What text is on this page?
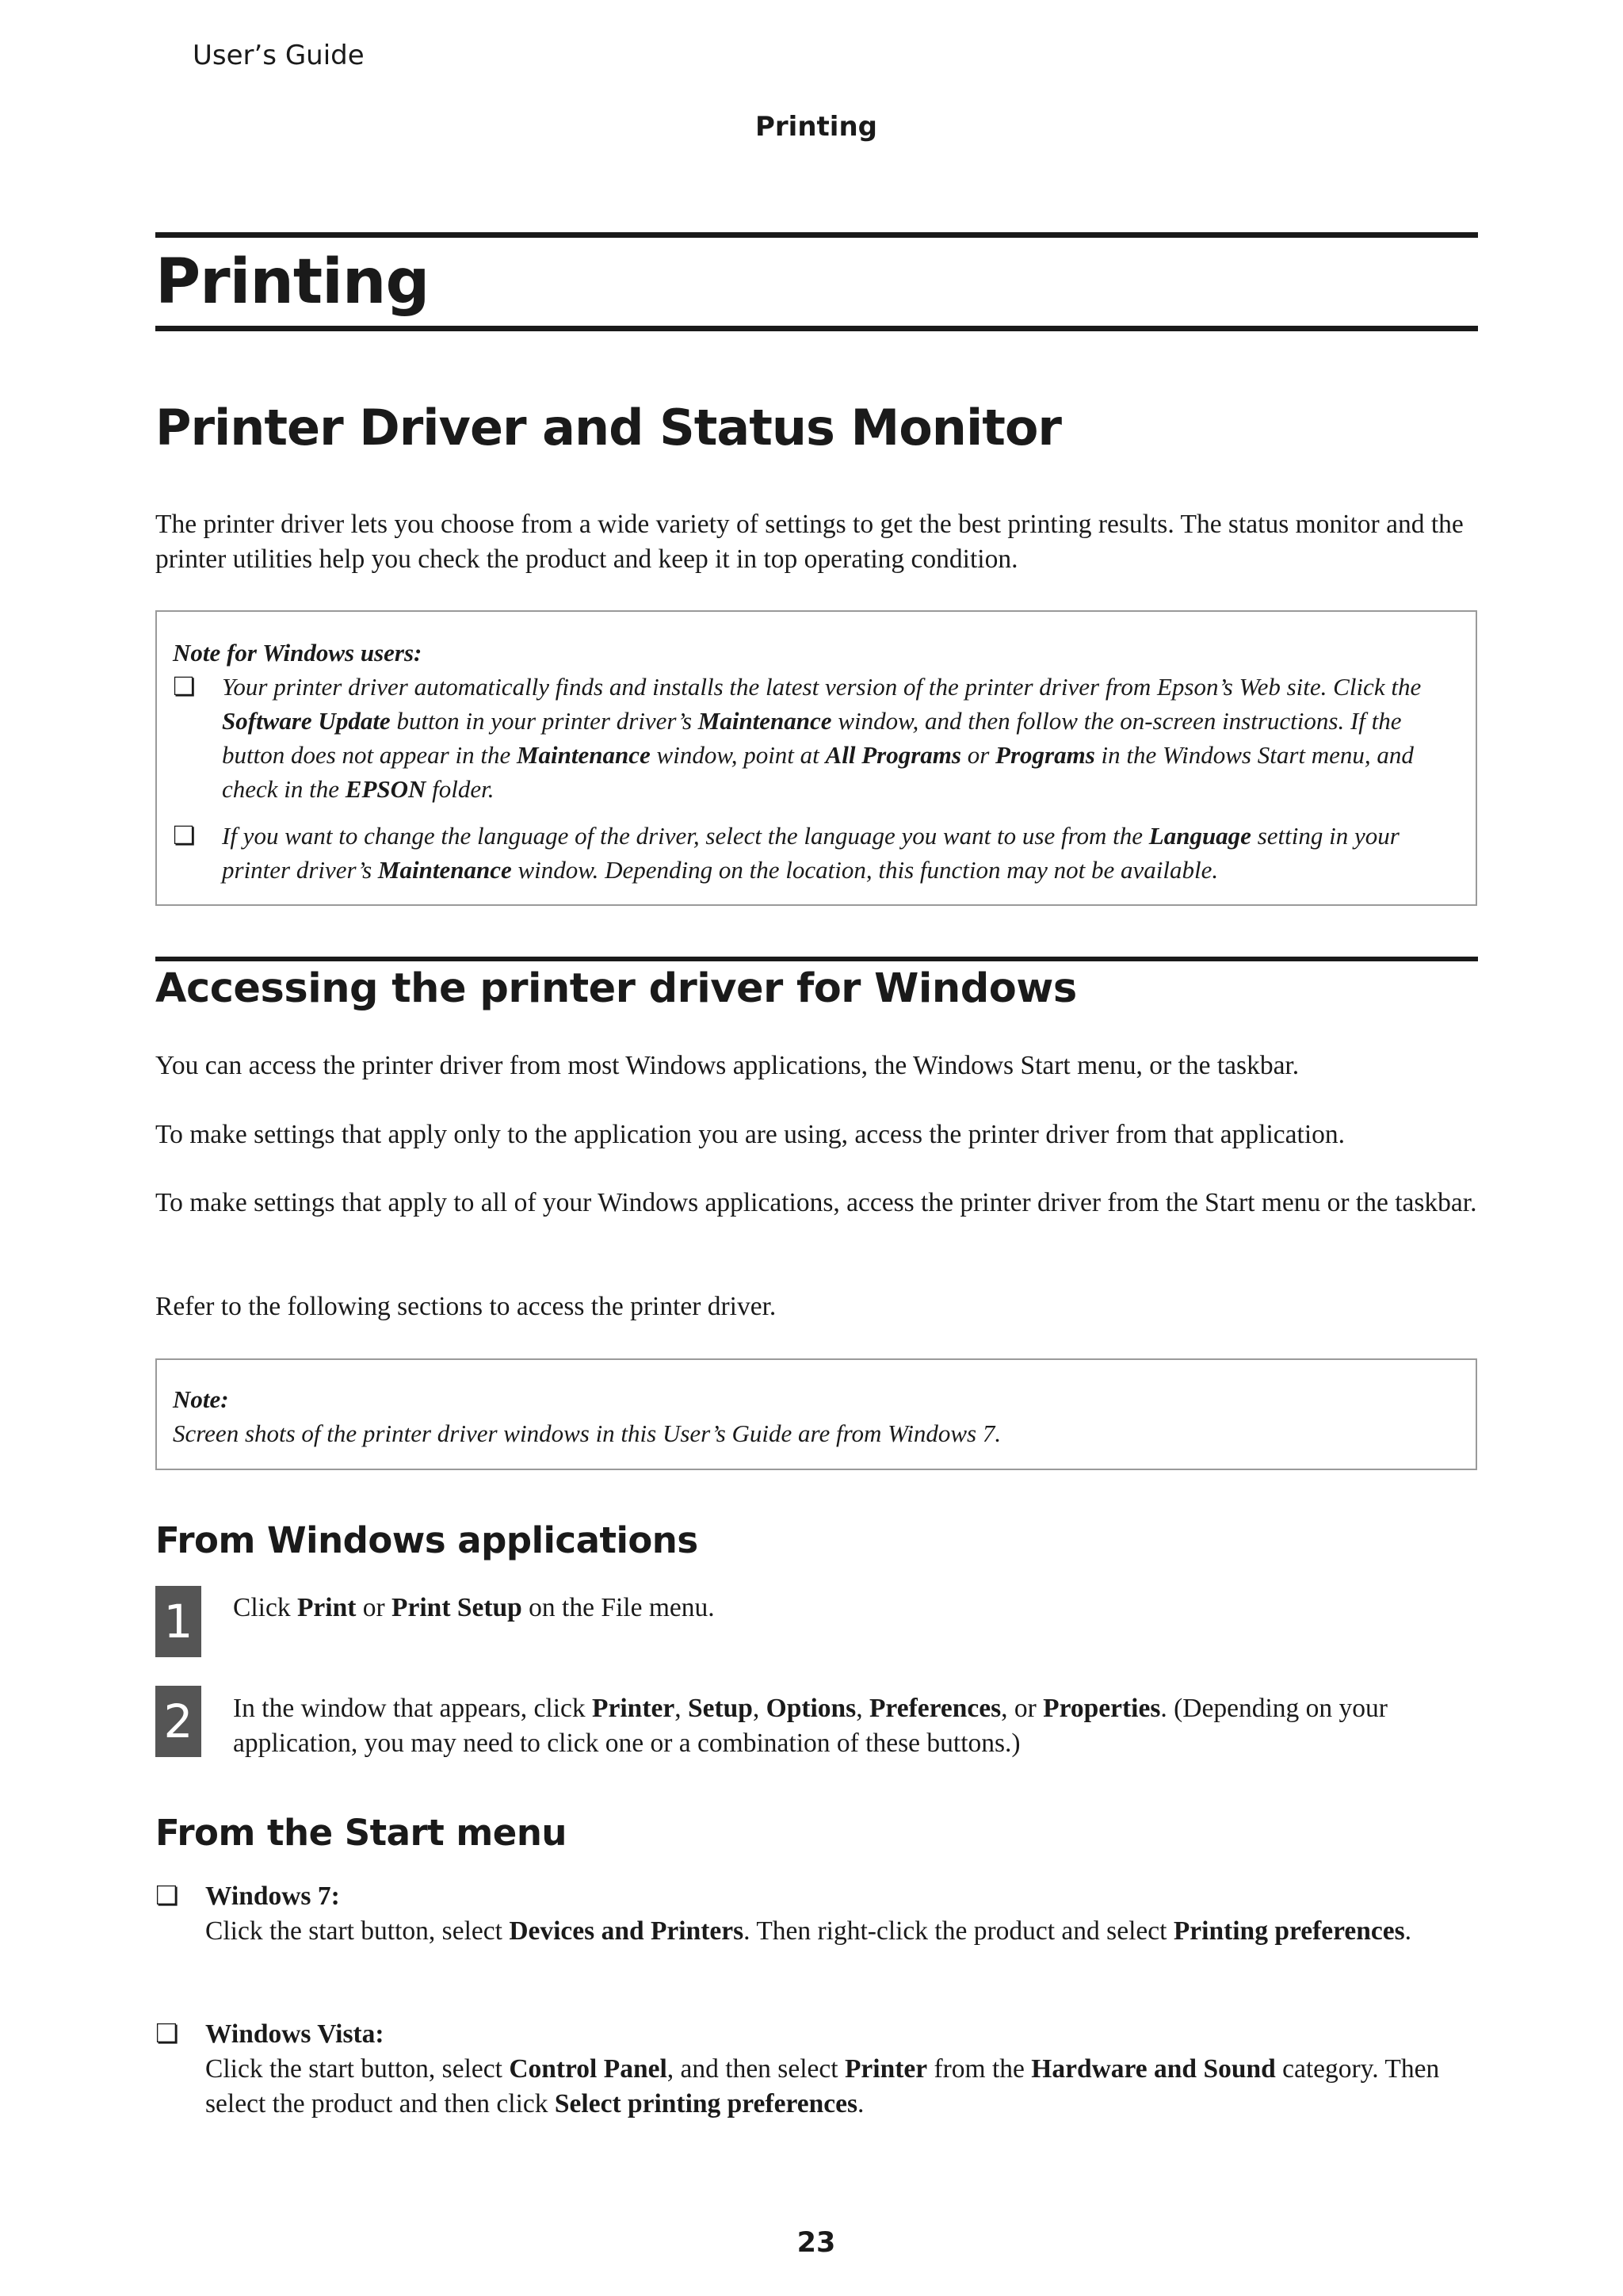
User’s Guide
Printing
Printing
Printer Driver and Status Monitor
The printer driver lets you choose from a wide variety of settings to get the best printing results. The status monitor and the printer utilities help you check the product and keep it in top operating condition.
Note for Windows users:
❏ Your printer driver automatically finds and installs the latest version of the printer driver from Epson’s Web site. Click the Software Update button in your printer driver’s Maintenance window, and then follow the on-screen instructions. If the button does not appear in the Maintenance window, point at All Programs or Programs in the Windows Start menu, and check in the EPSON folder.
❏ If you want to change the language of the driver, select the language you want to use from the Language setting in your printer driver’s Maintenance window. Depending on the location, this function may not be available.
Accessing the printer driver for Windows
You can access the printer driver from most Windows applications, the Windows Start menu, or the taskbar.
To make settings that apply only to the application you are using, access the printer driver from that application.
To make settings that apply to all of your Windows applications, access the printer driver from the Start menu or the taskbar.
Refer to the following sections to access the printer driver.
Note:
Screen shots of the printer driver windows in this User’s Guide are from Windows 7.
From Windows applications
1	Click Print or Print Setup on the File menu.
2	In the window that appears, click Printer, Setup, Options, Preferences, or Properties. (Depending on your application, you may need to click one or a combination of these buttons.)
From the Start menu
❏ Windows 7:
Click the start button, select Devices and Printers. Then right-click the product and select Printing preferences.
❏ Windows Vista:
Click the start button, select Control Panel, and then select Printer from the Hardware and Sound category. Then select the product and then click Select printing preferences.
23
